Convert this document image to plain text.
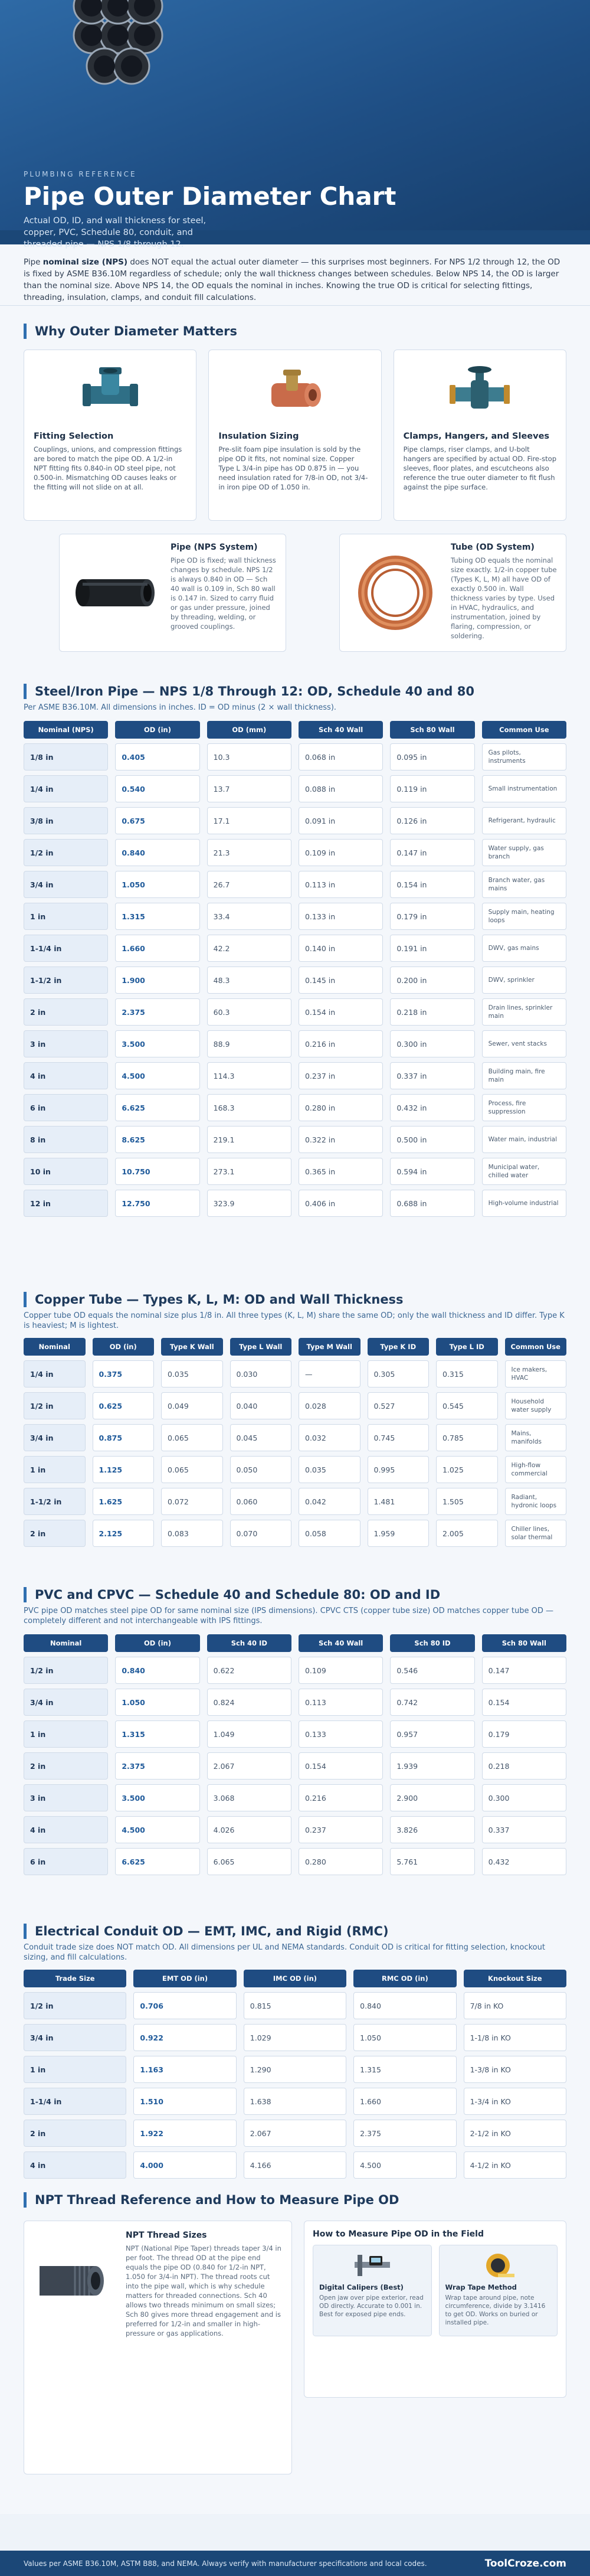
PLUMBING REFERENCE
Pipe Outer Diameter Chart

Actual OD, ID, and wall thickness for steel, copper, PVC, Schedule 80, conduit, and threaded pipe — NPS 1/8 through 12.

Pipe nominal size (NPS) does NOT equal the actual outer diameter — this surprises most beginners. For NPS 1/2 through 12, the OD is fixed by ASME B36.10M regardless of schedule; only the wall thickness changes between schedules. Below NPS 14, the OD is larger than the nominal size. Above NPS 14, the OD equals the nominal in inches. Knowing the true OD is critical for selecting fittings, threading, insulation, clamps, and conduit fill calculations.
Why Outer Diameter Matters
Fitting Selection

Couplings, unions, and compression fittings are bored to match the pipe OD. A 1/2-in NPT fitting fits 0.840-in OD steel pipe, not 0.500-in. Mismatching OD causes leaks or the fitting will not slide on at all.

Insulation Sizing

Pre-slit foam pipe insulation is sold by the pipe OD it fits, not nominal size. Copper Type L 3/4-in pipe has OD 0.875 in — you need insulation rated for 7/8-in OD, not 3/4-in iron pipe OD of 1.050 in.

Clamps, Hangers, and Sleeves

Pipe clamps, riser clamps, and U-bolt hangers are specified by actual OD. Fire-stop sleeves, floor plates, and escutcheons also reference the true outer diameter to fit flush against the pipe surface.

Pipe (NPS System)

Pipe OD is fixed; wall thickness changes by schedule. NPS 1/2 is always 0.840 in OD — Sch 40 wall is 0.109 in, Sch 80 wall is 0.147 in. Sized to carry fluid or gas under pressure, joined by threading, welding, or grooved couplings.

Tube (OD System)

Tubing OD equals the nominal size exactly. 1/2-in copper tube (Types K, L, M) all have OD of exactly 0.500 in. Wall thickness varies by type. Used in HVAC, hydraulics, and instrumentation, joined by flaring, compression, or soldering.

Steel/Iron Pipe — NPS 1/8 Through 12: OD, Schedule 40 and 80
Per ASME B36.10M. All dimensions in inches. ID = OD minus (2 × wall thickness).
Nominal (NPS)	OD (in)	OD (mm)	Sch 40 Wall	Sch 80 Wall	Common Use
1/8 in	0.405	10.3	0.068 in	0.095 in	Gas pilots, instruments
1/4 in	0.540	13.7	0.088 in	0.119 in	Small instrumentation
3/8 in	0.675	17.1	0.091 in	0.126 in	Refrigerant, hydraulic
1/2 in	0.840	21.3	0.109 in	0.147 in	Water supply, gas branch
3/4 in	1.050	26.7	0.113 in	0.154 in	Branch water, gas mains
1 in	1.315	33.4	0.133 in	0.179 in	Supply main, heating loops
1-1/4 in	1.660	42.2	0.140 in	0.191 in	DWV, gas mains
1-1/2 in	1.900	48.3	0.145 in	0.200 in	DWV, sprinkler
2 in	2.375	60.3	0.154 in	0.218 in	Drain lines, sprinkler main
3 in	3.500	88.9	0.216 in	0.300 in	Sewer, vent stacks
4 in	4.500	114.3	0.237 in	0.337 in	Building main, fire main
6 in	6.625	168.3	0.280 in	0.432 in	Process, fire suppression
8 in	8.625	219.1	0.322 in	0.500 in	Water main, industrial
10 in	10.750	273.1	0.365 in	0.594 in	Municipal water, chilled water
12 in	12.750	323.9	0.406 in	0.688 in	High-volume industrial
Copper Tube — Types K, L, M: OD and Wall Thickness
Copper tube OD equals the nominal size plus 1/8 in. All three types (K, L, M) share the same OD; only the wall thickness and ID differ. Type K is heaviest; M is lightest.
Nominal	OD (in)	Type K Wall	Type L Wall	Type M Wall	Type K ID	Type L ID	Common Use
1/4 in	0.375	0.035	0.030	—	0.305	0.315	Ice makers, HVAC
1/2 in	0.625	0.049	0.040	0.028	0.527	0.545	Household water supply
3/4 in	0.875	0.065	0.045	0.032	0.745	0.785	Mains, manifolds
1 in	1.125	0.065	0.050	0.035	0.995	1.025	High-flow commercial
1-1/2 in	1.625	0.072	0.060	0.042	1.481	1.505	Radiant, hydronic loops
2 in	2.125	0.083	0.070	0.058	1.959	2.005	Chiller lines, solar thermal
PVC and CPVC — Schedule 40 and Schedule 80: OD and ID
PVC pipe OD matches steel pipe OD for same nominal size (IPS dimensions). CPVC CTS (copper tube size) OD matches copper tube OD — completely different and not interchangeable with IPS fittings.
Nominal	OD (in)	Sch 40 ID	Sch 40 Wall	Sch 80 ID	Sch 80 Wall
1/2 in	0.840	0.622	0.109	0.546	0.147
3/4 in	1.050	0.824	0.113	0.742	0.154
1 in	1.315	1.049	0.133	0.957	0.179
2 in	2.375	2.067	0.154	1.939	0.218
3 in	3.500	3.068	0.216	2.900	0.300
4 in	4.500	4.026	0.237	3.826	0.337
6 in	6.625	6.065	0.280	5.761	0.432
Electrical Conduit OD — EMT, IMC, and Rigid (RMC)
Conduit trade size does NOT match OD. All dimensions per UL and NEMA standards. Conduit OD is critical for fitting selection, knockout sizing, and fill calculations.
Trade Size	EMT OD (in)	IMC OD (in)	RMC OD (in)	Knockout Size
1/2 in	0.706	0.815	0.840	7/8 in KO
3/4 in	0.922	1.029	1.050	1-1/8 in KO
1 in	1.163	1.290	1.315	1-3/8 in KO
1-1/4 in	1.510	1.638	1.660	1-3/4 in KO
2 in	1.922	2.067	2.375	2-1/2 in KO
4 in	4.000	4.166	4.500	4-1/2 in KO
NPT Thread Reference and How to Measure Pipe OD
NPT Thread Sizes

NPT (National Pipe Taper) threads taper 3/4 in per foot. The thread OD at the pipe end equals the pipe OD (0.840 for 1/2-in NPT, 1.050 for 3/4-in NPT). The thread roots cut into the pipe wall, which is why schedule matters for threaded connections. Sch 40 allows two threads minimum on small sizes; Sch 80 gives more thread engagement and is preferred for 1/2-in and smaller in high-pressure or gas applications.

How to Measure Pipe OD in the Field
Digital Calipers (Best)
Open jaw over pipe exterior, read OD directly. Accurate to 0.001 in. Best for exposed pipe ends.
Wrap Tape Method
Wrap tape around pipe, note circumference, divide by 3.1416 to get OD. Works on buried or installed pipe.
Values per ASME B36.10M, ASTM B88, and NEMA. Always verify with manufacturer specifications and local codes.	ToolCroze.com
